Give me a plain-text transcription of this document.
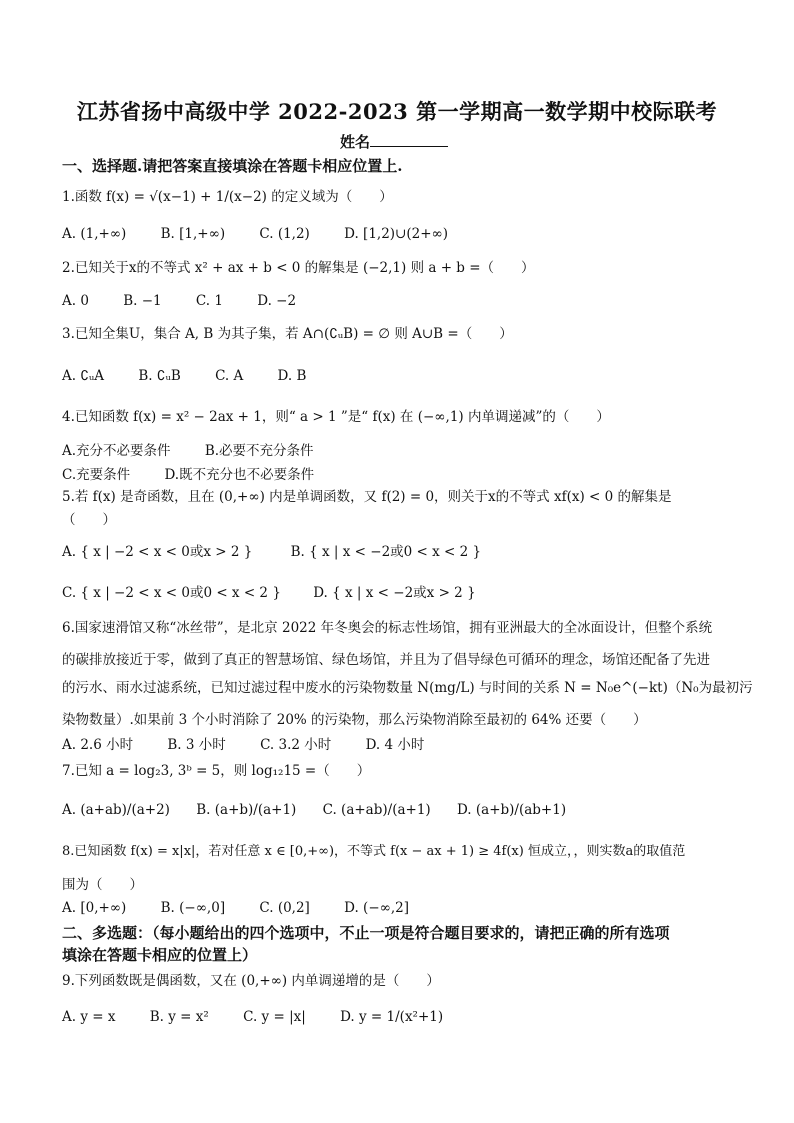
江苏省扬中高级中学 2022-2023 第一学期高一数学期中校际联考
姓名
一、选择题.请把答案直接填涂在答题卡相应位置上.
1.函数 f(x) = √(x−1) + 1/(x−2) 的定义域为（　　）
A. (1,+∞)	B. [1,+∞)	C. (1,2)	D. [1,2)∪(2+∞)
2.已知关于x的不等式 x² + ax + b < 0 的解集是 (−2,1) 则 a + b =（　　）
A. 0	B. −1	C. 1	D. −2
3.已知全集U，集合 A, B 为其子集，若 A∩(∁ᵤB) = ∅ 则 A∪B =（　　）
A. ∁ᵤA	B. ∁ᵤB	C. A	D. B
4.已知函数 f(x) = x² − 2ax + 1，则“ a > 1 ”是“ f(x) 在 (−∞,1) 内单调递减”的（　　）
A.充分不必要条件	B.必要不充分条件
C.充要条件	D.既不充分也不必要条件
5.若 f(x) 是奇函数，且在 (0,+∞) 内是单调函数，又 f(2) = 0，则关于x的不等式 xf(x) < 0 的解集是
（　　）
A. { x | −2 < x < 0或x > 2 }	B. { x | x < −2或0 < x < 2 }
C. { x | −2 < x < 0或0 < x < 2 } D. { x | x < −2或x > 2 }
6.国家速滑馆又称“冰丝带”，是北京 2022 年冬奥会的标志性场馆，拥有亚洲最大的全冰面设计，但整个系统
的碳排放接近于零，做到了真正的智慧场馆、绿色场馆，并且为了倡导绿色可循环的理念，场馆还配备了先进
的污水、雨水过滤系统，已知过滤过程中废水的污染物数量 N(mg/L) 与时间的关系 N = N₀e^(−kt)（N₀为最初污
染物数量）.如果前 3 个小时消除了 20% 的污染物，那么污染物消除至最初的 64% 还要（　　）
A. 2.6 小时	B. 3 小时	C. 3.2 小时	D. 4 小时
7.已知 a = log₂3, 3ᵇ = 5，则 log₁₂15 =（　　）
A. (a+ab)/(a+2) B. (a+b)/(a+1) C. (a+ab)/(a+1) D. (a+b)/(ab+1)
8.已知函数 f(x) = x|x|，若对任意 x ∈ [0,+∞)，不等式 f(x − ax + 1) ≥ 4f(x) 恒成立，，则实数a的取值范
围为（　　）
A. [0,+∞)	B. (−∞,0]	C. (0,2]	D. (−∞,2]
二、多选题：（每小题给出的四个选项中，不止一项是符合题目要求的，请把正确的所有选项
填涂在答题卡相应的位置上）
9.下列函数既是偶函数，又在 (0,+∞) 内单调递增的是（　　）
A. y = x	B. y = x²	C. y = |x|	D. y = 1/(x²+1)
